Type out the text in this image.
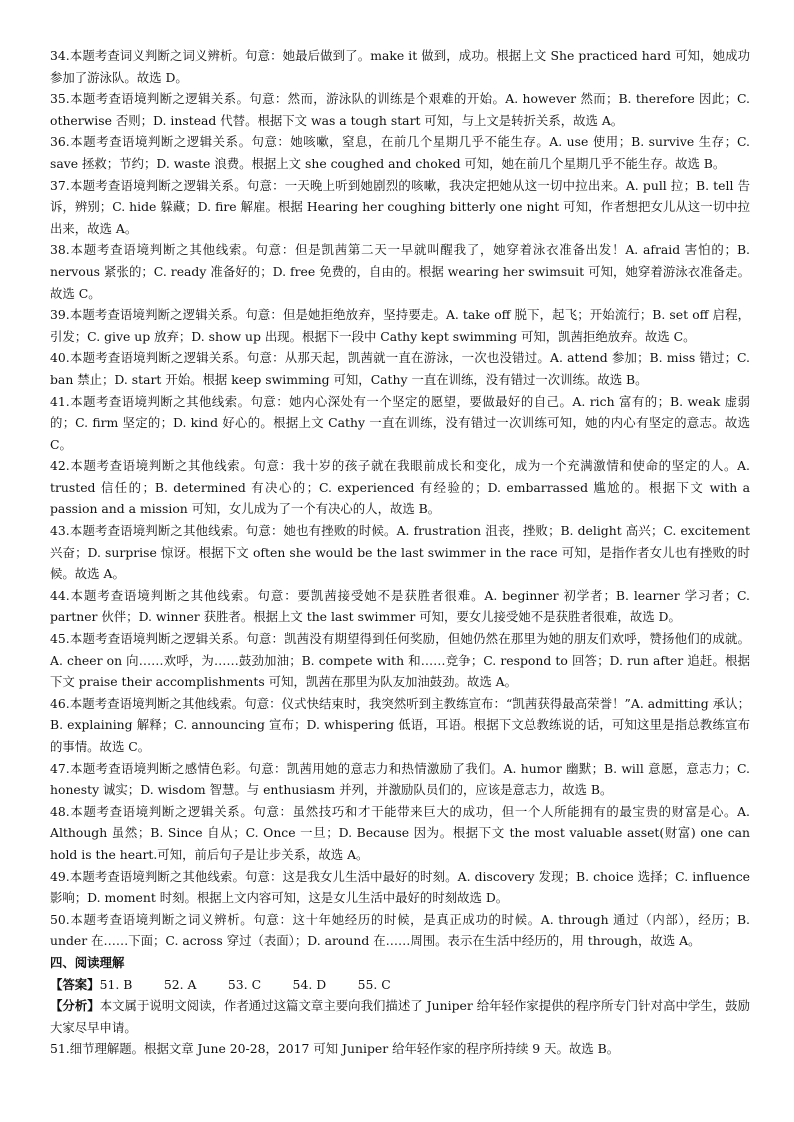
34.本题考查词义判断之词义辨析。句意：她最后做到了。make it 做到，成功。根据上文 She practiced hard 可知，她成功参加了游泳队。故选 D。

35.本题考查语境判断之逻辑关系。句意：然而，游泳队的训练是个艰难的开始。A. however 然而；B. therefore 因此；C. otherwise 否则；D. instead 代替。根据下文 was a tough start 可知，与上文是转折关系，故选 A。

36.本题考查语境判断之逻辑关系。句意：她咳嗽，窒息，在前几个星期几乎不能生存。A. use 使用；B. survive 生存；C. save 拯救；节约；D. waste 浪费。根据上文 she coughed and choked 可知，她在前几个星期几乎不能生存。故选 B。

37.本题考查语境判断之逻辑关系。句意：一天晚上听到她剧烈的咳嗽，我决定把她从这一切中拉出来。A. pull 拉；B. tell 告诉，辨别；C. hide 躲藏；D. fire 解雇。根据 Hearing her coughing bitterly one night 可知，作者想把女儿从这一切中拉出来，故选 A。

38.本题考查语境判断之其他线索。句意：但是凯茜第二天一早就叫醒我了，她穿着泳衣准备出发！A. afraid 害怕的；B. nervous 紧张的；C. ready 准备好的；D. free 免费的，自由的。根据 wearing her swimsuit 可知，她穿着游泳衣准备走。故选 C。

39.本题考查语境判断之逻辑关系。句意：但是她拒绝放弃，坚持要走。A. take off 脱下，起飞；开始流行；B. set off 启程，引发；C. give up 放弃；D. show up 出现。根据下一段中 Cathy kept swimming 可知，凯茜拒绝放弃。故选 C。

40.本题考查语境判断之逻辑关系。句意：从那天起，凯茜就一直在游泳，一次也没错过。A. attend 参加；B. miss 错过；C. ban 禁止；D. start 开始。根据 keep swimming 可知，Cathy 一直在训练，没有错过一次训练。故选 B。

41.本题考查语境判断之其他线索。句意：她内心深处有一个坚定的愿望，要做最好的自己。A. rich 富有的；B. weak 虚弱的；C. firm 坚定的；D. kind 好心的。根据上文 Cathy 一直在训练，没有错过一次训练可知，她的内心有坚定的意志。故选 C。

42.本题考查语境判断之其他线索。句意：我十岁的孩子就在我眼前成长和变化，成为一个充满激情和使命的坚定的人。A. trusted 信任的；B. determined 有决心的；C. experienced 有经验的；D. embarrassed 尴尬的。根据下文 with a passion and a mission 可知，女儿成为了一个有决心的人，故选 B。

43.本题考查语境判断之其他线索。句意：她也有挫败的时候。A. frustration 沮丧，挫败；B. delight 高兴；C. excitement 兴奋；D. surprise 惊讶。根据下文 often she would be the last swimmer in the race 可知，是指作者女儿也有挫败的时候。故选 A。

44.本题考查语境判断之其他线索。句意：要凯茜接受她不是获胜者很难。A. beginner 初学者；B. learner 学习者；C. partner 伙伴；D. winner 获胜者。根据上文 the last swimmer 可知，要女儿接受她不是获胜者很难，故选 D。

45.本题考查语境判断之逻辑关系。句意：凯茜没有期望得到任何奖励，但她仍然在那里为她的朋友们欢呼，赞扬他们的成就。 A. cheer on 向……欢呼，为……鼓劲加油；B. compete with 和……竞争；C. respond to 回答；D. run after 追赶。根据下文 praise their accomplishments 可知，凯茜在那里为队友加油鼓劲。故选 A。

46.本题考查语境判断之其他线索。句意：仪式快结束时，我突然听到主教练宣布：“凯茜获得最高荣誉！”A. admitting 承认；B. explaining 解释；C. announcing 宣布；D. whispering 低语，耳语。根据下文总教练说的话，可知这里是指总教练宣布的事情。故选 C。

47.本题考查语境判断之感情色彩。句意：凯茜用她的意志力和热情激励了我们。A. humor 幽默；B. will 意愿，意志力；C. honesty 诚实；D. wisdom 智慧。与 enthusiasm 并列，并激励队员们的，应该是意志力，故选 B。

48.本题考查语境判断之逻辑关系。句意：虽然技巧和才干能带来巨大的成功，但一个人所能拥有的最宝贵的财富是心。A. Although 虽然；B. Since 自从；C. Once 一旦；D. Because 因为。根据下文 the most valuable asset(财富) one can hold is the heart.可知，前后句子是让步关系，故选 A。

49.本题考查语境判断之其他线索。句意：这是我女儿生活中最好的时刻。A. discovery 发现；B. choice 选择；C. influence 影响；D. moment 时刻。根据上文内容可知，这是女儿生活中最好的时刻故选 D。

50.本题考查语境判断之词义辨析。句意：这十年她经历的时候，是真正成功的时候。A. through 通过（内部），经历；B. under 在……下面；C. across 穿过（表面）；D. around 在……周围。表示在生活中经历的，用 through，故选 A。

四、阅读理解

【答案】51. B        52. A        53. C        54. D        55. C

【分析】本文属于说明文阅读，作者通过这篇文章主要向我们描述了 Juniper 给年轻作家提供的程序所专门针对高中学生，鼓励大家尽早申请。

51.细节理解题。根据文章 June 20-28，2017 可知 Juniper 给年轻作家的程序所持续 9 天。故选 B。
